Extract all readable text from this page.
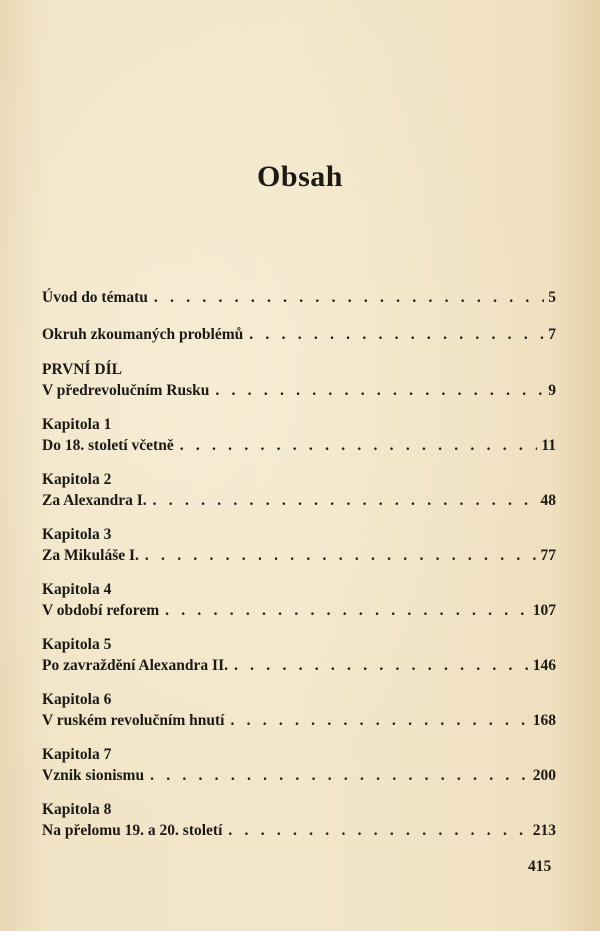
Obsah
Úvod do tématu . . .	5
Okruh zkoumaných problémů . . .	7
PRVNÍ DÍL
V předrevolučním Rusku . . .	9
Kapitola 1
Do 18. století včetně . . .	11
Kapitola 2
Za Alexandra I. . . .	48
Kapitola 3
Za Mikuláše I. . . .	77
Kapitola 4
V období reforem . . .	107
Kapitola 5
Po zavraždění Alexandra II. . . .	146
Kapitola 6
V ruském revolučním hnutí . . .	168
Kapitola 7
Vznik sionismu . . .	200
Kapitola 8
Na přelomu 19. a 20. století . . .	213
415
